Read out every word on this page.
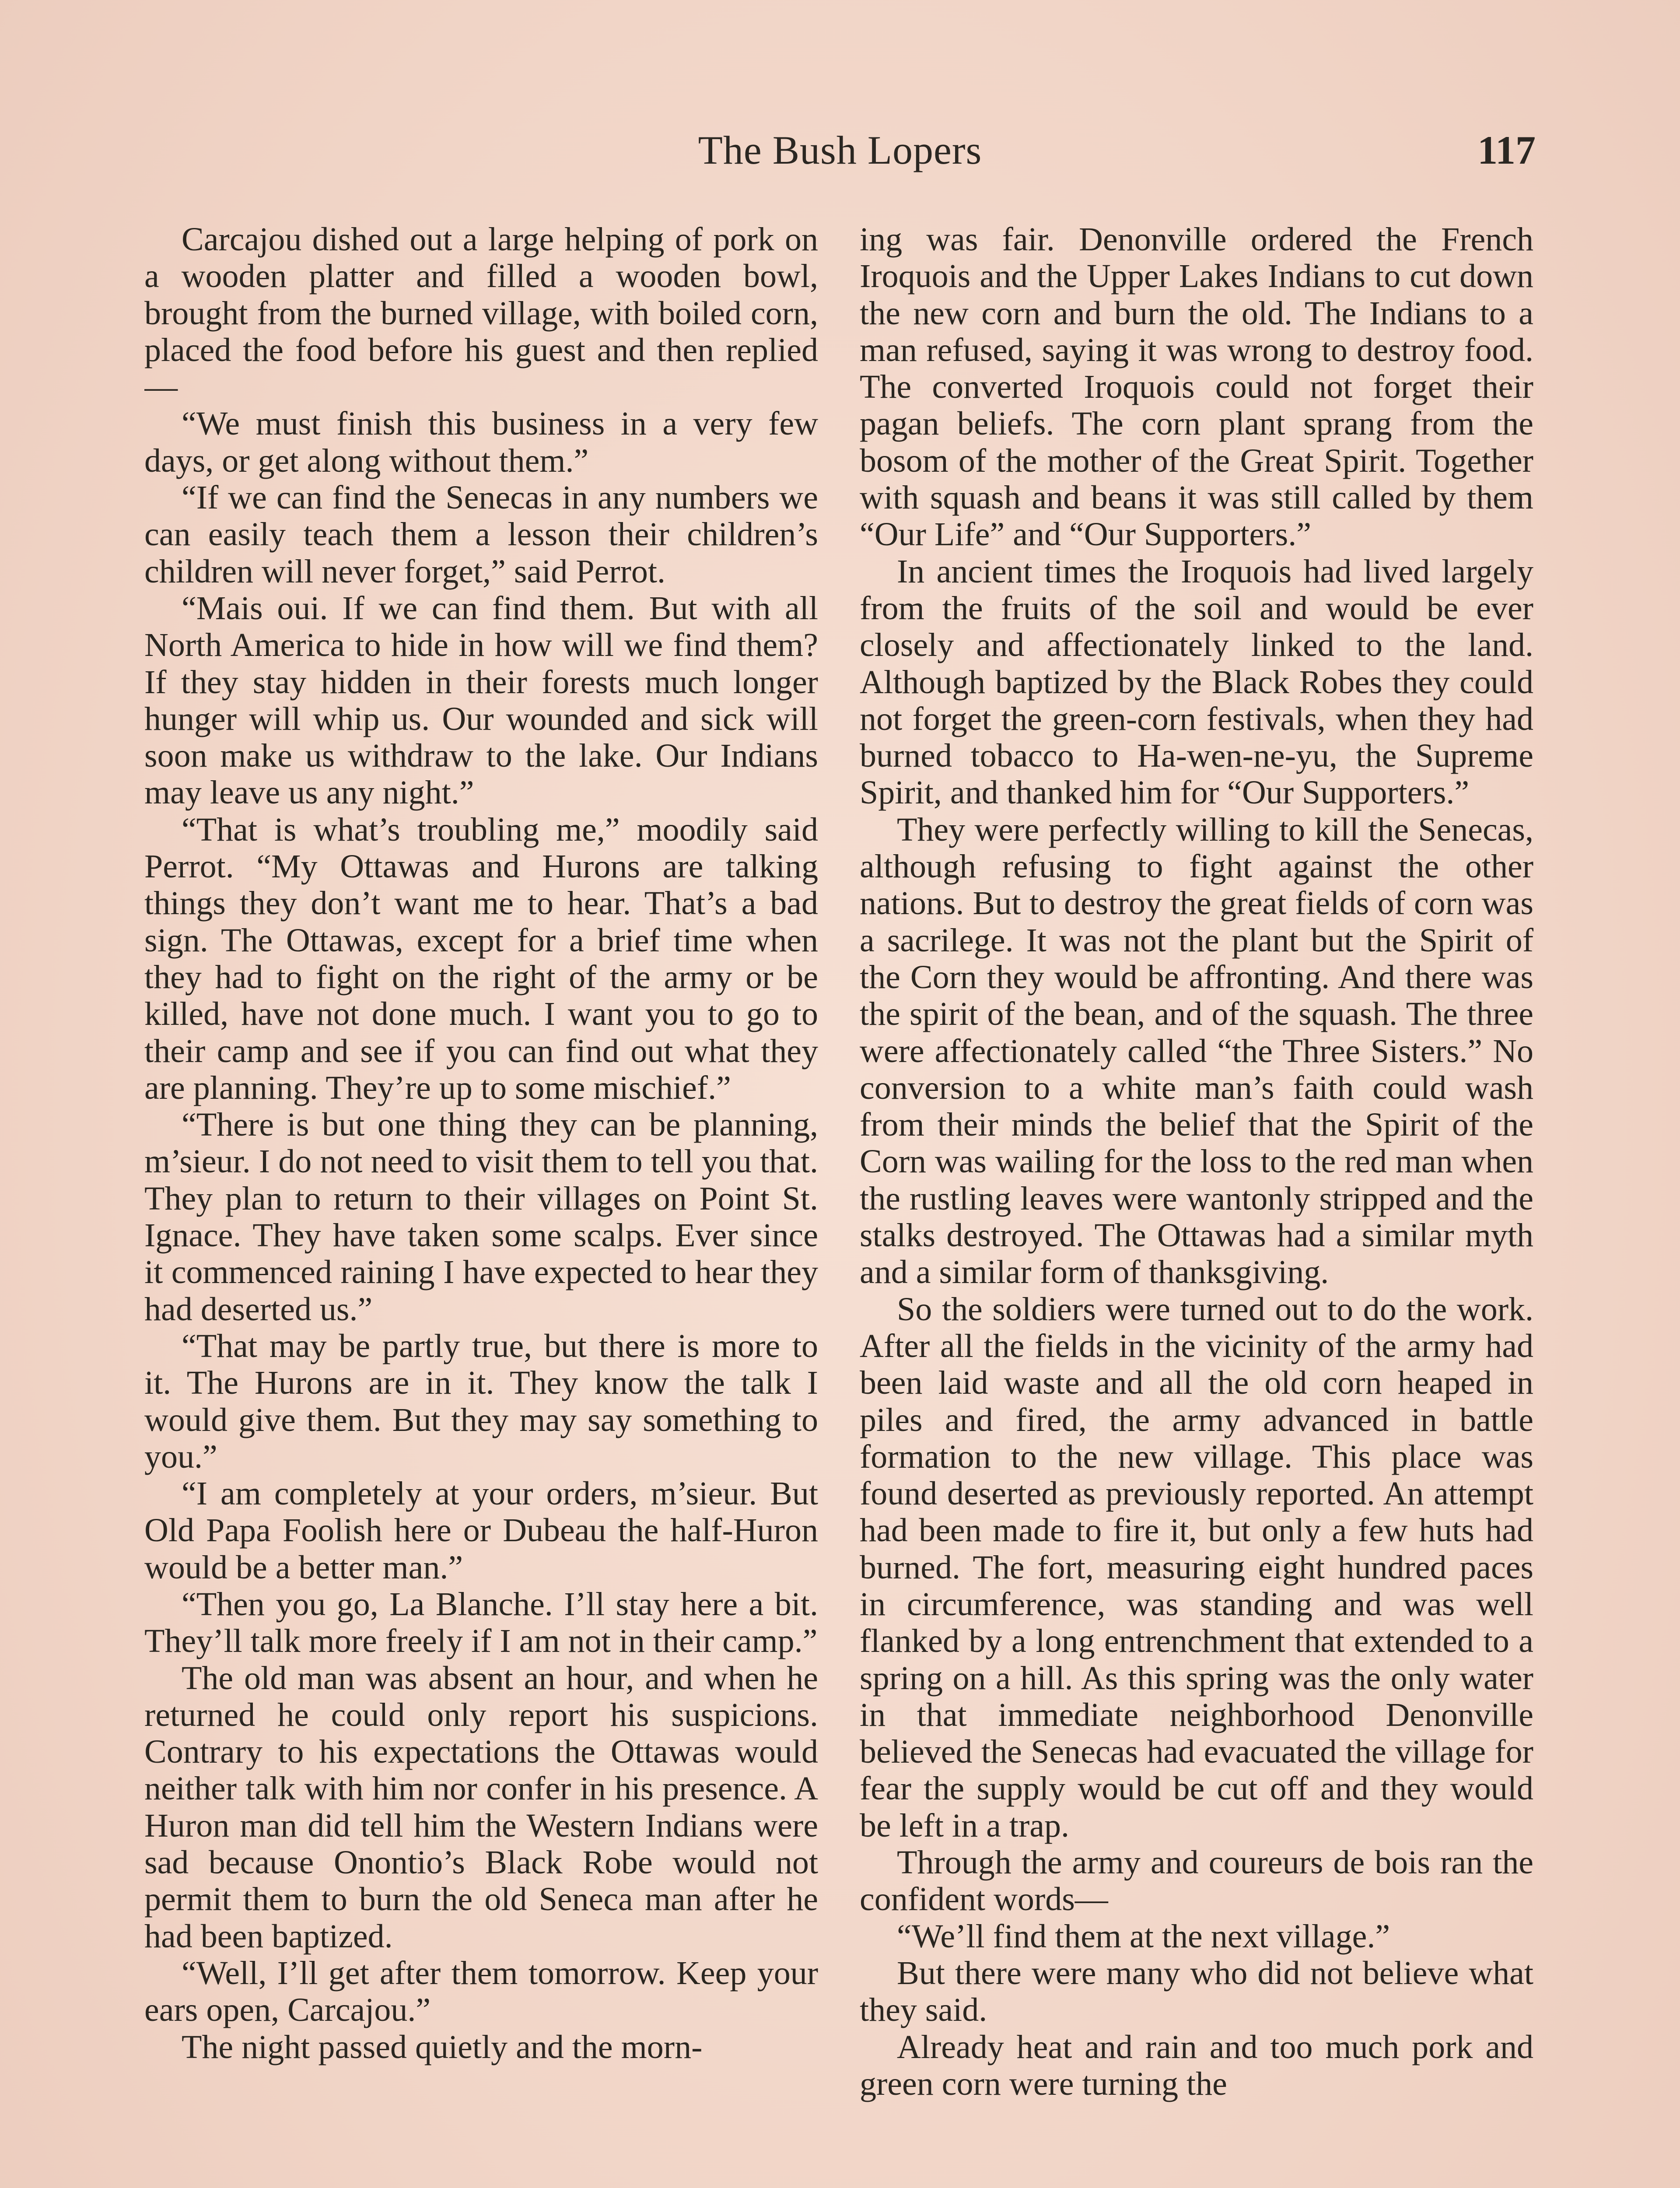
The Bush Lopers	117

Carcajou dished out a large helping of pork on a wooden platter and filled a wooden bowl, brought from the burned village, with boiled corn, placed the food before his guest and then replied—

“We must finish this business in a very few days, or get along without them.”

“If we can find the Senecas in any numbers we can easily teach them a lesson their children’s children will never forget,” said Perrot.

“Mais oui. If we can find them. But with all North America to hide in how will we find them? If they stay hidden in their forests much longer hunger will whip us. Our wounded and sick will soon make us withdraw to the lake. Our Indians may leave us any night.”

“That is what’s troubling me,” moodily said Perrot. “My Ottawas and Hurons are talking things they don’t want me to hear. That’s a bad sign. The Ottawas, except for a brief time when they had to fight on the right of the army or be killed, have not done much. I want you to go to their camp and see if you can find out what they are planning. They’re up to some mischief.”

“There is but one thing they can be planning, m’sieur. I do not need to visit them to tell you that. They plan to return to their villages on Point St. Ignace. They have taken some scalps. Ever since it commenced raining I have expected to hear they had deserted us.”

“That may be partly true, but there is more to it. The Hurons are in it. They know the talk I would give them. But they may say something to you.”

“I am completely at your orders, m’sieur. But Old Papa Foolish here or Dubeau the half-Huron would be a better man.”

“Then you go, La Blanche. I’ll stay here a bit. They’ll talk more freely if I am not in their camp.”

The old man was absent an hour, and when he returned he could only report his suspicions. Contrary to his expectations the Ottawas would neither talk with him nor confer in his presence. A Huron man did tell him the Western Indians were sad because Onontio’s Black Robe would not permit them to burn the old Seneca man after he had been baptized.

“Well, I’ll get after them tomorrow. Keep your ears open, Carcajou.”

The night passed quietly and the morn-

ing was fair. Denonville ordered the French Iroquois and the Upper Lakes Indians to cut down the new corn and burn the old. The Indians to a man refused, saying it was wrong to destroy food. The converted Iroquois could not forget their pagan beliefs. The corn plant sprang from the bosom of the mother of the Great Spirit. Together with squash and beans it was still called by them “Our Life” and “Our Supporters.”

In ancient times the Iroquois had lived largely from the fruits of the soil and would be ever closely and affectionately linked to the land. Although baptized by the Black Robes they could not forget the green-corn festivals, when they had burned tobacco to Ha-wen-ne-yu, the Supreme Spirit, and thanked him for “Our Supporters.”

They were perfectly willing to kill the Senecas, although refusing to fight against the other nations. But to destroy the great fields of corn was a sacrilege. It was not the plant but the Spirit of the Corn they would be affronting. And there was the spirit of the bean, and of the squash. The three were affectionately called “the Three Sisters.” No conversion to a white man’s faith could wash from their minds the belief that the Spirit of the Corn was wailing for the loss to the red man when the rustling leaves were wantonly stripped and the stalks destroyed. The Ottawas had a similar myth and a similar form of thanksgiving.

So the soldiers were turned out to do the work. After all the fields in the vicinity of the army had been laid waste and all the old corn heaped in piles and fired, the army advanced in battle formation to the new village. This place was found deserted as previously reported. An attempt had been made to fire it, but only a few huts had burned. The fort, measuring eight hundred paces in circumference, was standing and was well flanked by a long entrenchment that extended to a spring on a hill. As this spring was the only water in that immediate neighborhood Denonville believed the Senecas had evacuated the village for fear the supply would be cut off and they would be left in a trap.

Through the army and coureurs de bois ran the confident words—

“We’ll find them at the next village.”

But there were many who did not believe what they said.

Already heat and rain and too much pork and green corn were turning the
